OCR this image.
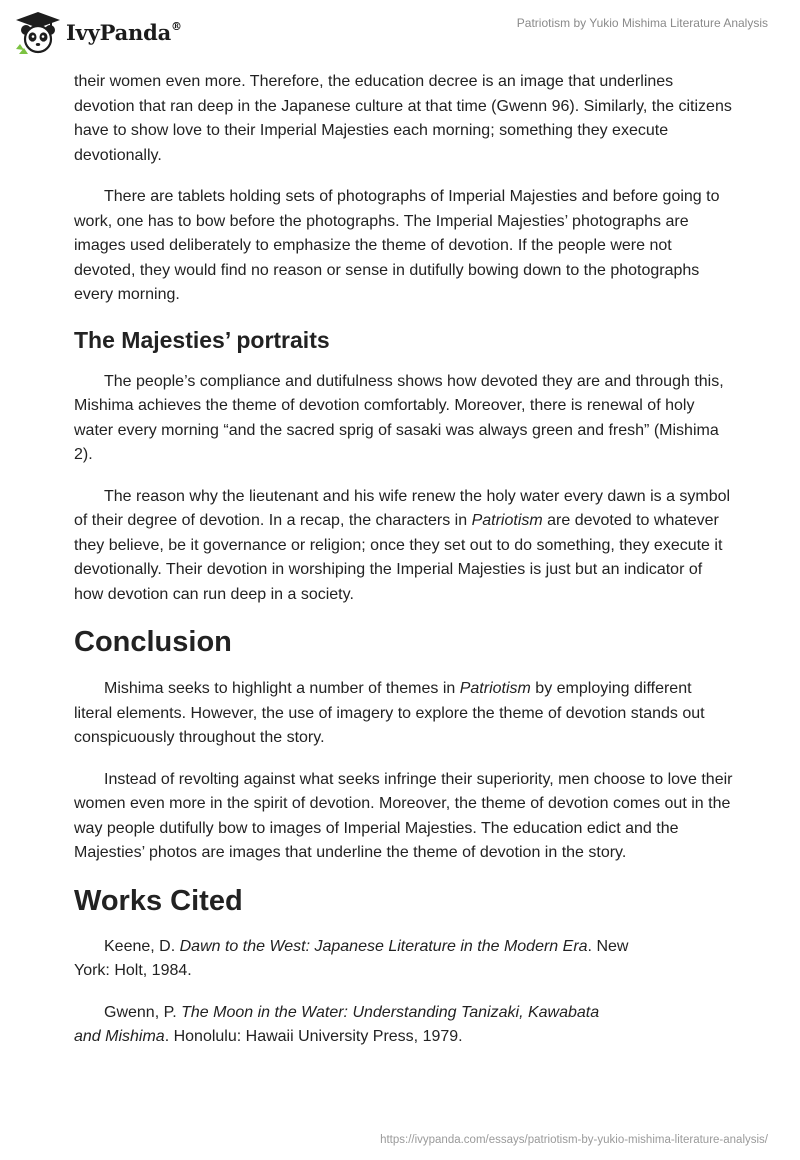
IvyPanda®	Patriotism by Yukio Mishima Literature Analysis

their women even more. Therefore, the education decree is an image that underlines devotion that ran deep in the Japanese culture at that time (Gwenn 96). Similarly, the citizens have to show love to their Imperial Majesties each morning; something they execute devotionally.

There are tablets holding sets of photographs of Imperial Majesties and before going to work, one has to bow before the photographs. The Imperial Majesties’ photographs are images used deliberately to emphasize the theme of devotion. If the people were not devoted, they would find no reason or sense in dutifully bowing down to the photographs every morning.

The Majesties’ portraits

The people’s compliance and dutifulness shows how devoted they are and through this, Mishima achieves the theme of devotion comfortably. Moreover, there is renewal of holy water every morning “and the sacred sprig of sasaki was always green and fresh” (Mishima 2).

The reason why the lieutenant and his wife renew the holy water every dawn is a symbol of their degree of devotion. In a recap, the characters in Patriotism are devoted to whatever they believe, be it governance or religion; once they set out to do something, they execute it devotionally. Their devotion in worshiping the Imperial Majesties is just but an indicator of how devotion can run deep in a society.

Conclusion

Mishima seeks to highlight a number of themes in Patriotism by employing different literal elements. However, the use of imagery to explore the theme of devotion stands out conspicuously throughout the story.

Instead of revolting against what seeks infringe their superiority, men choose to love their women even more in the spirit of devotion. Moreover, the theme of devotion comes out in the way people dutifully bow to images of Imperial Majesties. The education edict and the Majesties’ photos are images that underline the theme of devotion in the story.

Works Cited

Keene, D. Dawn to the West: Japanese Literature in the Modern Era. New
York: Holt, 1984.

Gwenn, P. The Moon in the Water: Understanding Tanizaki, Kawabata
and Mishima. Honolulu: Hawaii University Press, 1979.

https://ivypanda.com/essays/patriotism-by-yukio-mishima-literature-analysis/
